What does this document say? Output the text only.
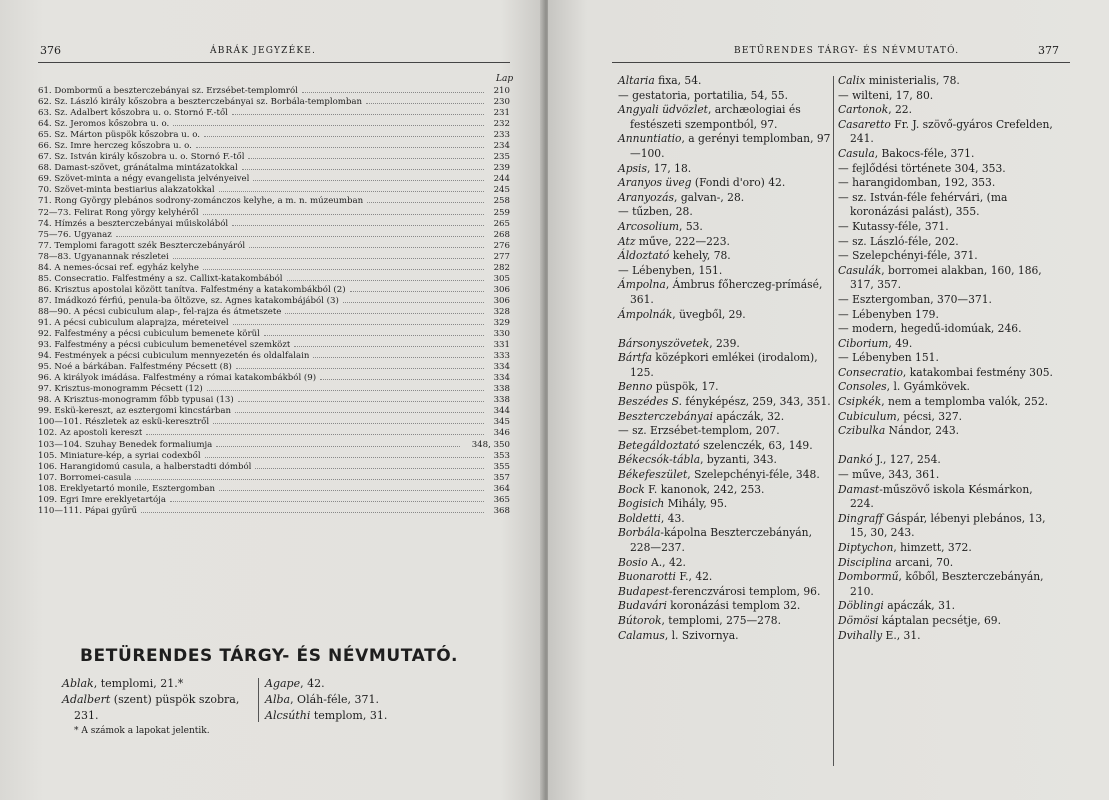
376	ÁBRÁK JEGYZÉKE.
Lap
61. Dombormű a beszterczebányai sz. Erzsébet-templomról	210
62. Sz. László király kőszobra a beszterczebányai sz. Borbála-templomban	230
63. Sz. Adalbert kőszobra u. o. Stornó F.-től	231
64. Sz. Jeromos kőszobra u. o.	232
65. Sz. Márton püspök kőszobra u. o.	233
66. Sz. Imre herczeg kőszobra u. o.	234
67. Sz. István király kőszobra u. o. Stornó F.-től	235
68. Damast-szövet, gránátalma mintázatokkal	239
69. Szövet-minta a négy evangelista jelvényeivel	244
70. Szövet-minta bestiarius alakzatokkal	245
71. Rong György plebános sodrony-zománczos kelyhe, a m. n. múzeumban	258
72—73. Felirat Rong yörgy kelyhéről	259
74. Hímzés a beszterczebányai műiskolából	265
75—76. Ugyanaz	268
77. Templomi faragott szék Beszterczebányáról	276
78—83. Ugyanannak részletei	277
84. A nemes-ócsai ref. egyház kelyhe	282
85. Consecratio. Falfestmény a sz. Callixt-katakombából	305
86. Krisztus apostolai között tanítva. Falfestmény a katakombákból (2)	306
87. Imádkozó férfiú, penula-ba öltözve, sz. Ágnes katakombájából (3)	306
88—90. A pécsi cubiculum alap-, fel-rajza és átmetszete	328
91. A pécsi cubiculum alaprajza, méreteivel	329
92. Falfestmény a pécsi cubiculum bemenete körül	330
93. Falfestmény a pécsi cubiculum bemenetével szemközt	331
94. Festmények a pécsi cubiculum mennyezetén és oldalfalain	333
95. Noé a bárkában. Falfestmény Pécsett (8)	334
96. A királyok imádása. Falfestmény a római katakombákból (9)	334
97. Krisztus-monogramm Pécsett (12)	338
98. A Krisztus-monogramm főbb typusai (13)	338
99. Eskü-kereszt, az esztergomi kincstárban	344
100—101. Részletek az eskü-keresztről	345
102. Az apostoli kereszt	346
103—104. Szuhay Benedek formaliumja	348, 350
105. Miniature-kép, a syriai codexből	353
106. Harangidomú casula, a halberstadti dómból	355
107. Borromei-casula	357
108. Ereklyetartó monile, Esztergomban	364
109. Egri Imre ereklyetartója	365
110—111. Pápai gyűrű	368
BETÜRENDES TÁRGY- ÉS NÉVMUTATÓ.

Ablak, templomi, 21.*

Adalbert (szent) püspök szobra, 231.

Agape, 42.

Alba, Oláh-féle, 371.

Alcsúthi templom, 31.

* A számok a lapokat jelentik.
BETŰRENDES TÁRGY- ÉS NÉVMUTATÓ.	377

Altaria fixa, 54.

— gestatoria, portatilia, 54, 55.

Angyali üdvözlet, archæologiai és festészeti szempontból, 97.

Annuntiatio, a gerényi templomban, 97—100.

Apsis, 17, 18.

Aranyos üveg (Fondi d'oro) 42.

Aranyozás, galvan-, 28.

— tűzben, 28.

Arcosolium, 53.

Atz műve, 222—223.

Áldoztató kehely, 78.

— Lébenyben, 151.

Ámpolna, Ámbrus főherczeg-prímásé, 361.

Ámpolnák, üvegből, 29.

Bársonyszövetek, 239.

Bártfa középkori emlékei (irodalom), 125.

Benno püspök, 17.

Beszédes S. fényképész, 259, 343, 351.

Beszterczebányai apáczák, 32.

— sz. Erzsébet-templom, 207.

Betegáldoztató szelenczék, 63, 149.

Békecsók-tábla, byzanti, 343.

Békefeszület, Szelepchényi-féle, 348.

Bock F. kanonok, 242, 253.

Bogisich Mihály, 95.

Boldetti, 43.

Borbála-kápolna Beszterczebányán, 228—237.

Bosio A., 42.

Buonarotti F., 42.

Budapest-ferenczvárosi templom, 96.

Budavári koronázási templom 32.

Bútorok, templomi, 275—278.

Calamus, l. Szivornya.

Calix ministerialis, 78.

— wilteni, 17, 80.

Cartonok, 22.

Casaretto Fr. J. szövő-gyáros Crefelden, 241.

Casula, Bakocs-féle, 371.

— fejlődési története 304, 353.

— harangidomban, 192, 353.

— sz. István-féle fehérvári, (ma koronázási palást), 355.

— Kutassy-féle, 371.

— sz. László-féle, 202.

— Szelepchényi-féle, 371.

Casulák, borromei alakban, 160, 186, 317, 357.

— Esztergomban, 370—371.

— Lébenyben 179.

— modern, hegedű-idomúak, 246.

Ciborium, 49.

— Lébenyben 151.

Consecratio, katakombai festmény 305.

Consoles, l. Gyámkövek.

Csipkék, nem a templomba valók, 252.

Cubiculum, pécsi, 327.

Czibulka Nándor, 243.

Dankó J., 127, 254.

— műve, 343, 361.

Damast-műszövő iskola Késmárkon, 224.

Dingraff Gáspár, lébenyi plebános, 13, 15, 30, 243.

Diptychon, himzett, 372.

Disciplina arcani, 70.

Dombormű, kőből, Beszterczebányán, 210.

Döblingi apáczák, 31.

Dömösi káptalan pecsétje, 69.

Dvihally E., 31.
